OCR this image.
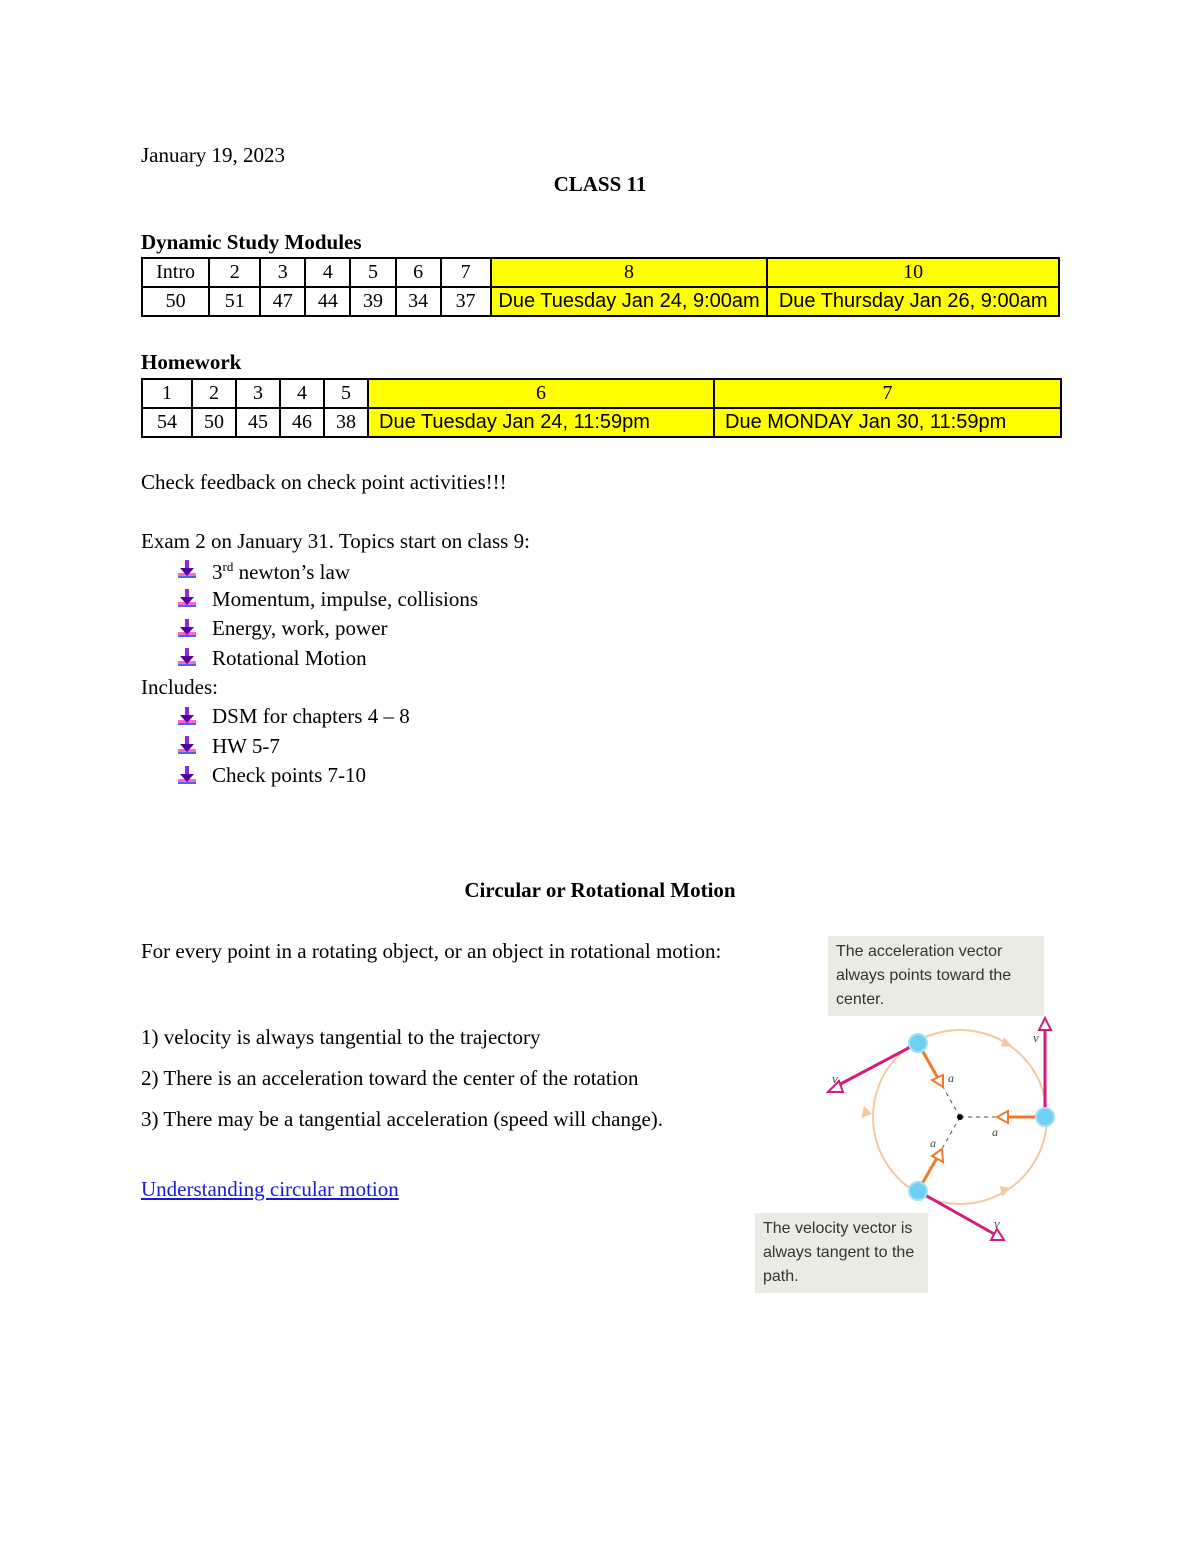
January 19, 2023
CLASS 11
Dynamic Study Modules
Intro	2	3	4	5	6	7	8	10
50	51	47	44	39	34	37	Due Tuesday Jan 24, 9:00am	Due Thursday Jan 26, 9:00am
Homework
1	2	3	4	5	6	7
54	50	45	46	38	Due Tuesday Jan 24, 11:59pm	Due MONDAY Jan 30, 11:59pm
Check feedback on check point activities!!!
Exam 2 on January 31. Topics start on class 9:
3rd newton’s law
Momentum, impulse, collisions
Energy, work, power
Rotational Motion
Includes:
DSM for chapters 4 – 8
HW 5-7
Check points 7-10
Circular or Rotational Motion
For every point in a rotating object, or an object in rotational motion:
1) velocity is always tangential to the trajectory
2) There is an acceleration toward the center of the rotation
3) There may be a tangential acceleration (speed will change).
Understanding circular motion
The acceleration vector always points toward the center.
The velocity vector is always tangent to the path.
v
v
v
a
a
a
